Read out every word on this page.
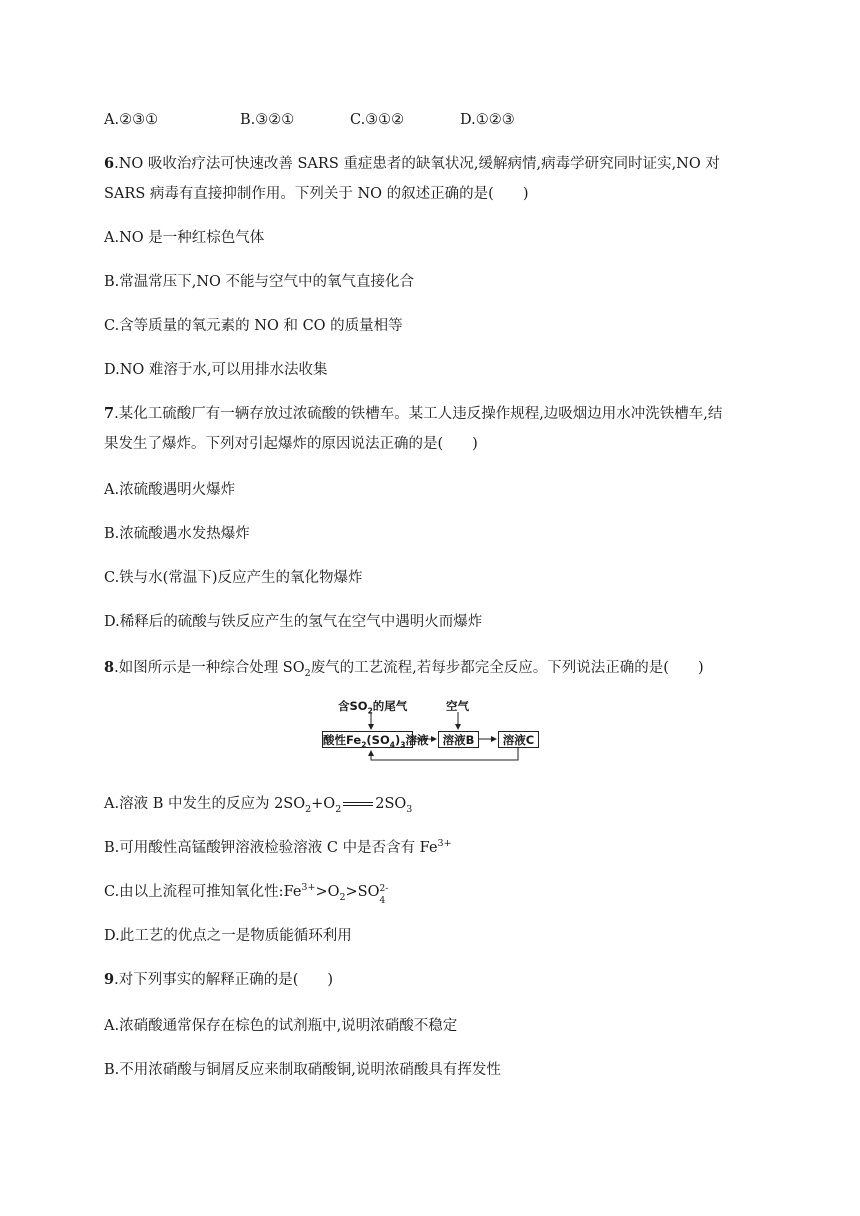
A.②③①	B.③②①	C.③①②	D.①②③
6.NO 吸收治疗法可快速改善 SARS 重症患者的缺氧状况,缓解病情,病毒学研究同时证实,NO 对
SARS 病毒有直接抑制作用。下列关于 NO 的叙述正确的是(　　)
A.NO 是一种红棕色气体
B.常温常压下,NO 不能与空气中的氧气直接化合
C.含等质量的氧元素的 NO 和 CO 的质量相等
D.NO 难溶于水,可以用排水法收集
7.某化工硫酸厂有一辆存放过浓硫酸的铁槽车。某工人违反操作规程,边吸烟边用水冲洗铁槽车,结
果发生了爆炸。下列对引起爆炸的原因说法正确的是(　　)
A.浓硫酸遇明火爆炸
B.浓硫酸遇水发热爆炸
C.铁与水(常温下)反应产生的氧化物爆炸
D.稀释后的硫酸与铁反应产生的氢气在空气中遇明火而爆炸
8.如图所示是一种综合处理 $SO_2$废气的工艺流程,若每步都完全反应。下列说法正确的是(　　)
含$SO_2$的尾气	空气
酸性$Fe_2(SO_4)_3$溶液	溶液B	溶液C
A.溶液 B 中发生的反应为 $2SO_2+O_2$ $2SO_3$
B.可用酸性高锰酸钾溶液检验溶液 C 中是否含有 $Fe^{3+}$
C.由以上流程可推知氧化性$:Fe^{3+}>O_2>SO$ 2-
4
D.此工艺的优点之一是物质能循环利用
9.对下列事实的解释正确的是(　　)
A.浓硝酸通常保存在棕色的试剂瓶中,说明浓硝酸不稳定
B.不用浓硝酸与铜屑反应来制取硝酸铜,说明浓硝酸具有挥发性
